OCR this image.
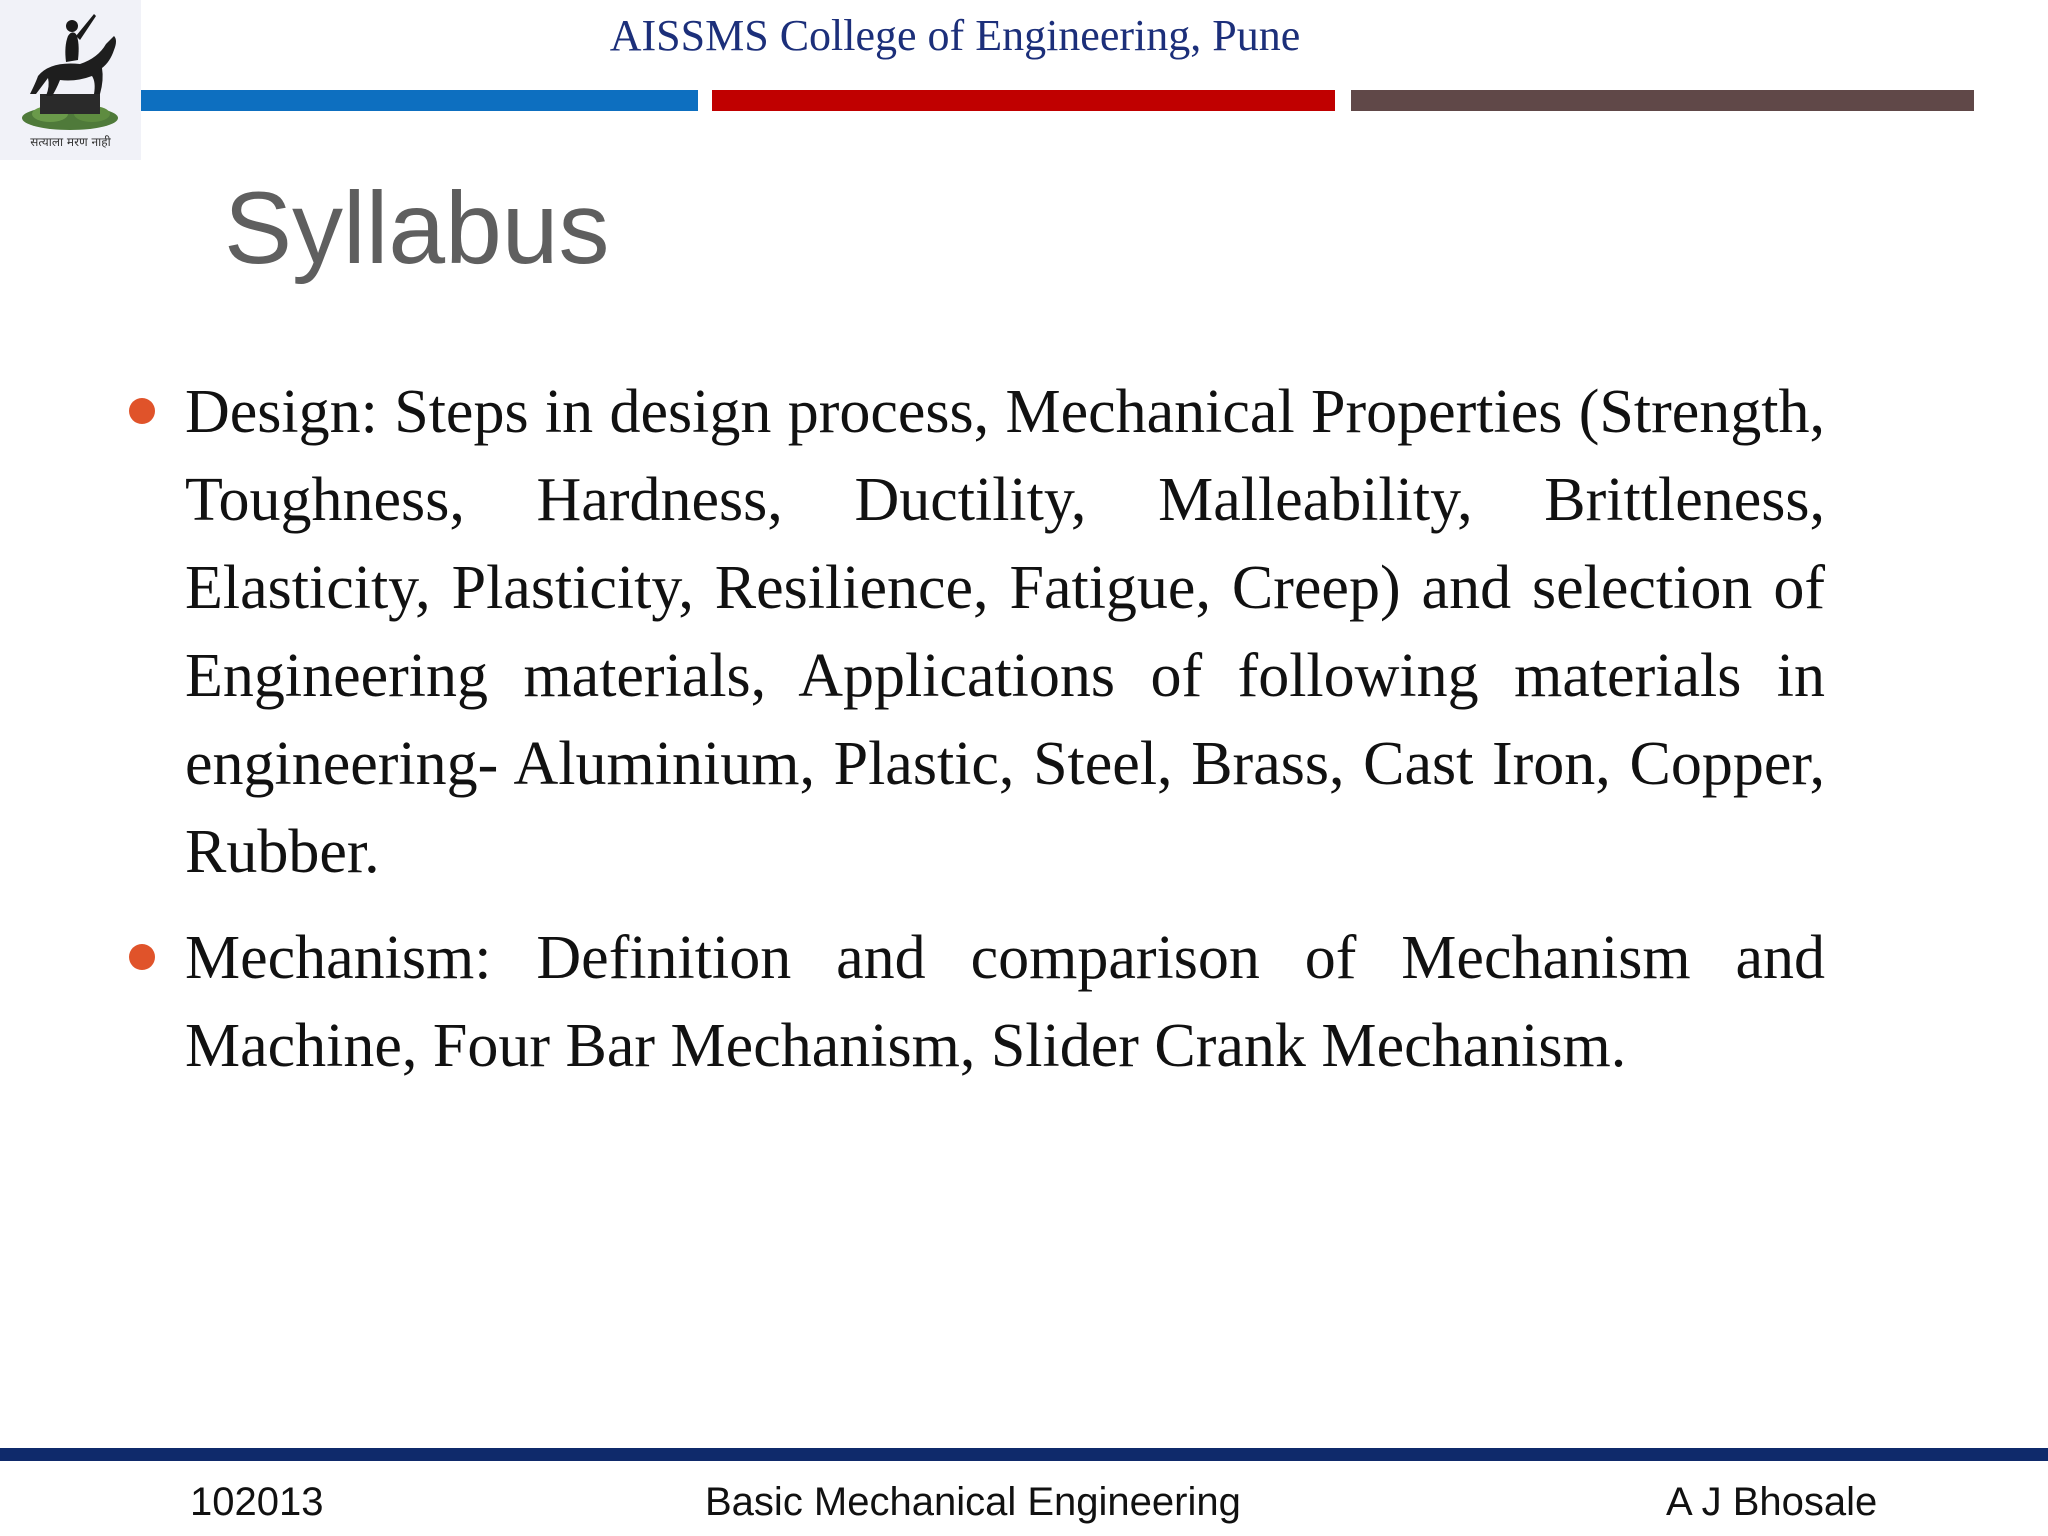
सत्याला मरण नाही
AISSMS College of Engineering, Pune
Syllabus
Design: Steps in design process, Mechanical Properties (Strength, Toughness, Hardness, Ductility, Malleability, Brittleness, Elasticity, Plasticity, Resilience, Fatigue, Creep) and selection of Engineering materials, Applications of following materials in engineering- Aluminium, Plastic, Steel, Brass, Cast Iron, Copper, Rubber.
Mechanism: Definition and comparison of Mechanism and Machine, Four Bar Mechanism, Slider Crank Mechanism.
102013	Basic Mechanical Engineering	A J Bhosale
